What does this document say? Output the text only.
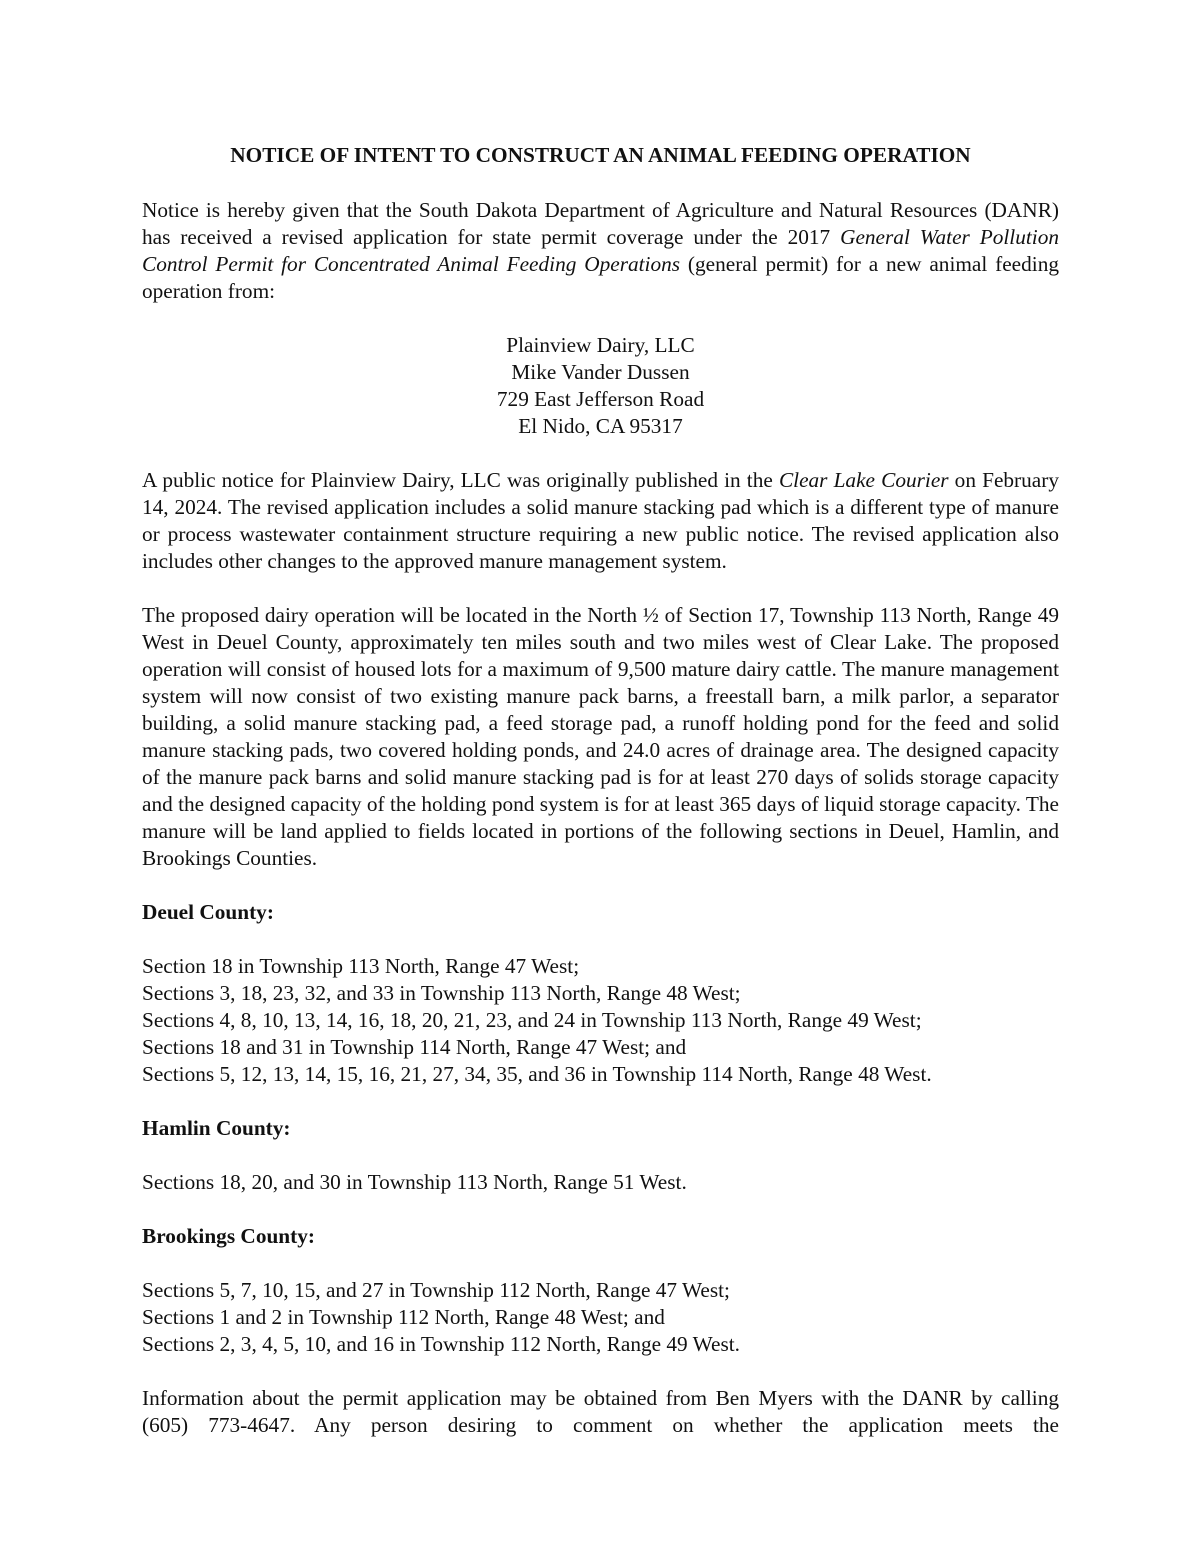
NOTICE OF INTENT TO CONSTRUCT AN ANIMAL FEEDING OPERATION

Notice is hereby given that the South Dakota Department of Agriculture and Natural Resources (DANR) has received a revised application for state permit coverage under the 2017 General Water Pollution Control Permit for Concentrated Animal Feeding Operations (general permit) for a new animal feeding operation from:

Plainview Dairy, LLC
Mike Vander Dussen
729 East Jefferson Road
El Nido, CA 95317

A public notice for Plainview Dairy, LLC was originally published in the Clear Lake Courier on February 14, 2024. The revised application includes a solid manure stacking pad which is a different type of manure or process wastewater containment structure requiring a new public notice. The revised application also includes other changes to the approved manure management system.

The proposed dairy operation will be located in the North ½ of Section 17, Township 113 North, Range 49 West in Deuel County, approximately ten miles south and two miles west of Clear Lake. The proposed operation will consist of housed lots for a maximum of 9,500 mature dairy cattle. The manure management system will now consist of two existing manure pack barns, a freestall barn, a milk parlor, a separator building, a solid manure stacking pad, a feed storage pad, a runoff holding pond for the feed and solid manure stacking pads, two covered holding ponds, and 24.0 acres of drainage area. The designed capacity of the manure pack barns and solid manure stacking pad is for at least 270 days of solids storage capacity and the designed capacity of the holding pond system is for at least 365 days of liquid storage capacity. The manure will be land applied to fields located in portions of the following sections in Deuel, Hamlin, and Brookings Counties.

Deuel County:
Section 18 in Township 113 North, Range 47 West;
Sections 3, 18, 23, 32, and 33 in Township 113 North, Range 48 West;
Sections 4, 8, 10, 13, 14, 16, 18, 20, 21, 23, and 24 in Township 113 North, Range 49 West;
Sections 18 and 31 in Township 114 North, Range 47 West; and
Sections 5, 12, 13, 14, 15, 16, 21, 27, 34, 35, and 36 in Township 114 North, Range 48 West.
Hamlin County:
Sections 18, 20, and 30 in Township 113 North, Range 51 West.
Brookings County:
Sections 5, 7, 10, 15, and 27 in Township 112 North, Range 47 West;
Sections 1 and 2 in Township 112 North, Range 48 West; and
Sections 2, 3, 4, 5, 10, and 16 in Township 112 North, Range 49 West.

Information about the permit application may be obtained from Ben Myers with the DANR by calling (605) 773-4647. Any person desiring to comment on whether the application meets the
